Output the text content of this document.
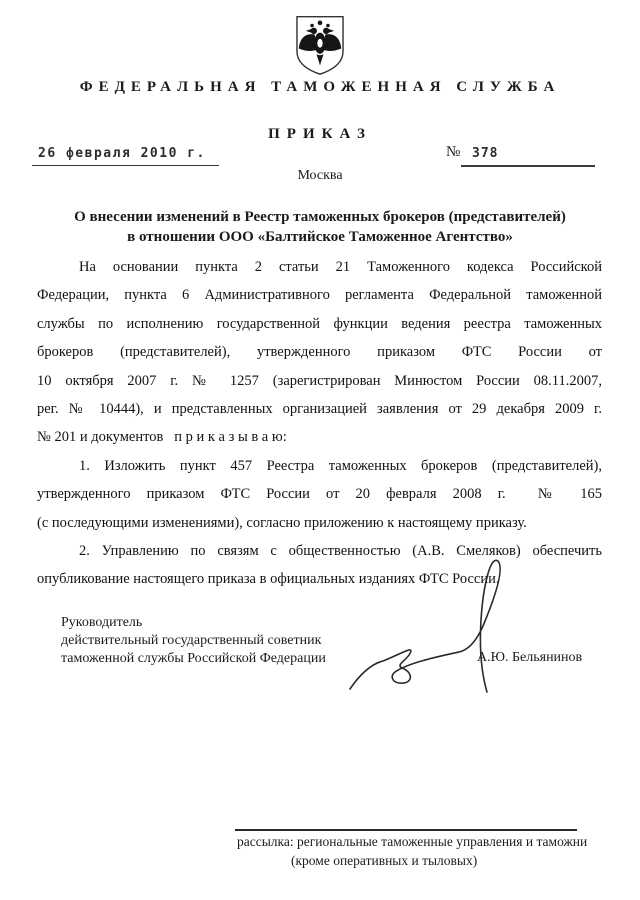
ФЕДЕРАЛЬНАЯ ТАМОЖЕННАЯ СЛУЖБА
ПРИКАЗ
26 февраля 2010 г.	№ 378
Москва
О внесении изменений в Реестр таможенных брокеров (представителей)
в отношении ООО «Балтийское Таможенное Агентство»
На основании пункта 2 статьи 21 Таможенного кодекса Российской
Федерации, пункта 6 Административного регламента Федеральной таможенной
службы по исполнению государственной функции ведения реестра таможенных
брокеров (представителей), утвержденного приказом ФТС России от
10 октября 2007 г. № 1257 (зарегистрирован Минюстом России 08.11.2007,
рег. № 10444), и представленных организацией заявления от 29 декабря 2009 г.
№ 201 и документов   п р и к а з ы в а ю:
1. Изложить пункт 457 Реестра таможенных брокеров (представителей),
утвержденного приказом ФТС России от 20 февраля 2008 г.  № 165
(с последующими изменениями), согласно приложению к настоящему приказу.
2. Управлению по связям с общественностью (А.В. Смеляков) обеспечить
опубликование настоящего приказа в официальных изданиях ФТС России.
Руководитель
действительный государственный советник
таможенной службы Российской Федерации	А.Ю. Бельянинов
рассылка: региональные таможенные управления и таможни
(кроме оперативных и тыловых)
